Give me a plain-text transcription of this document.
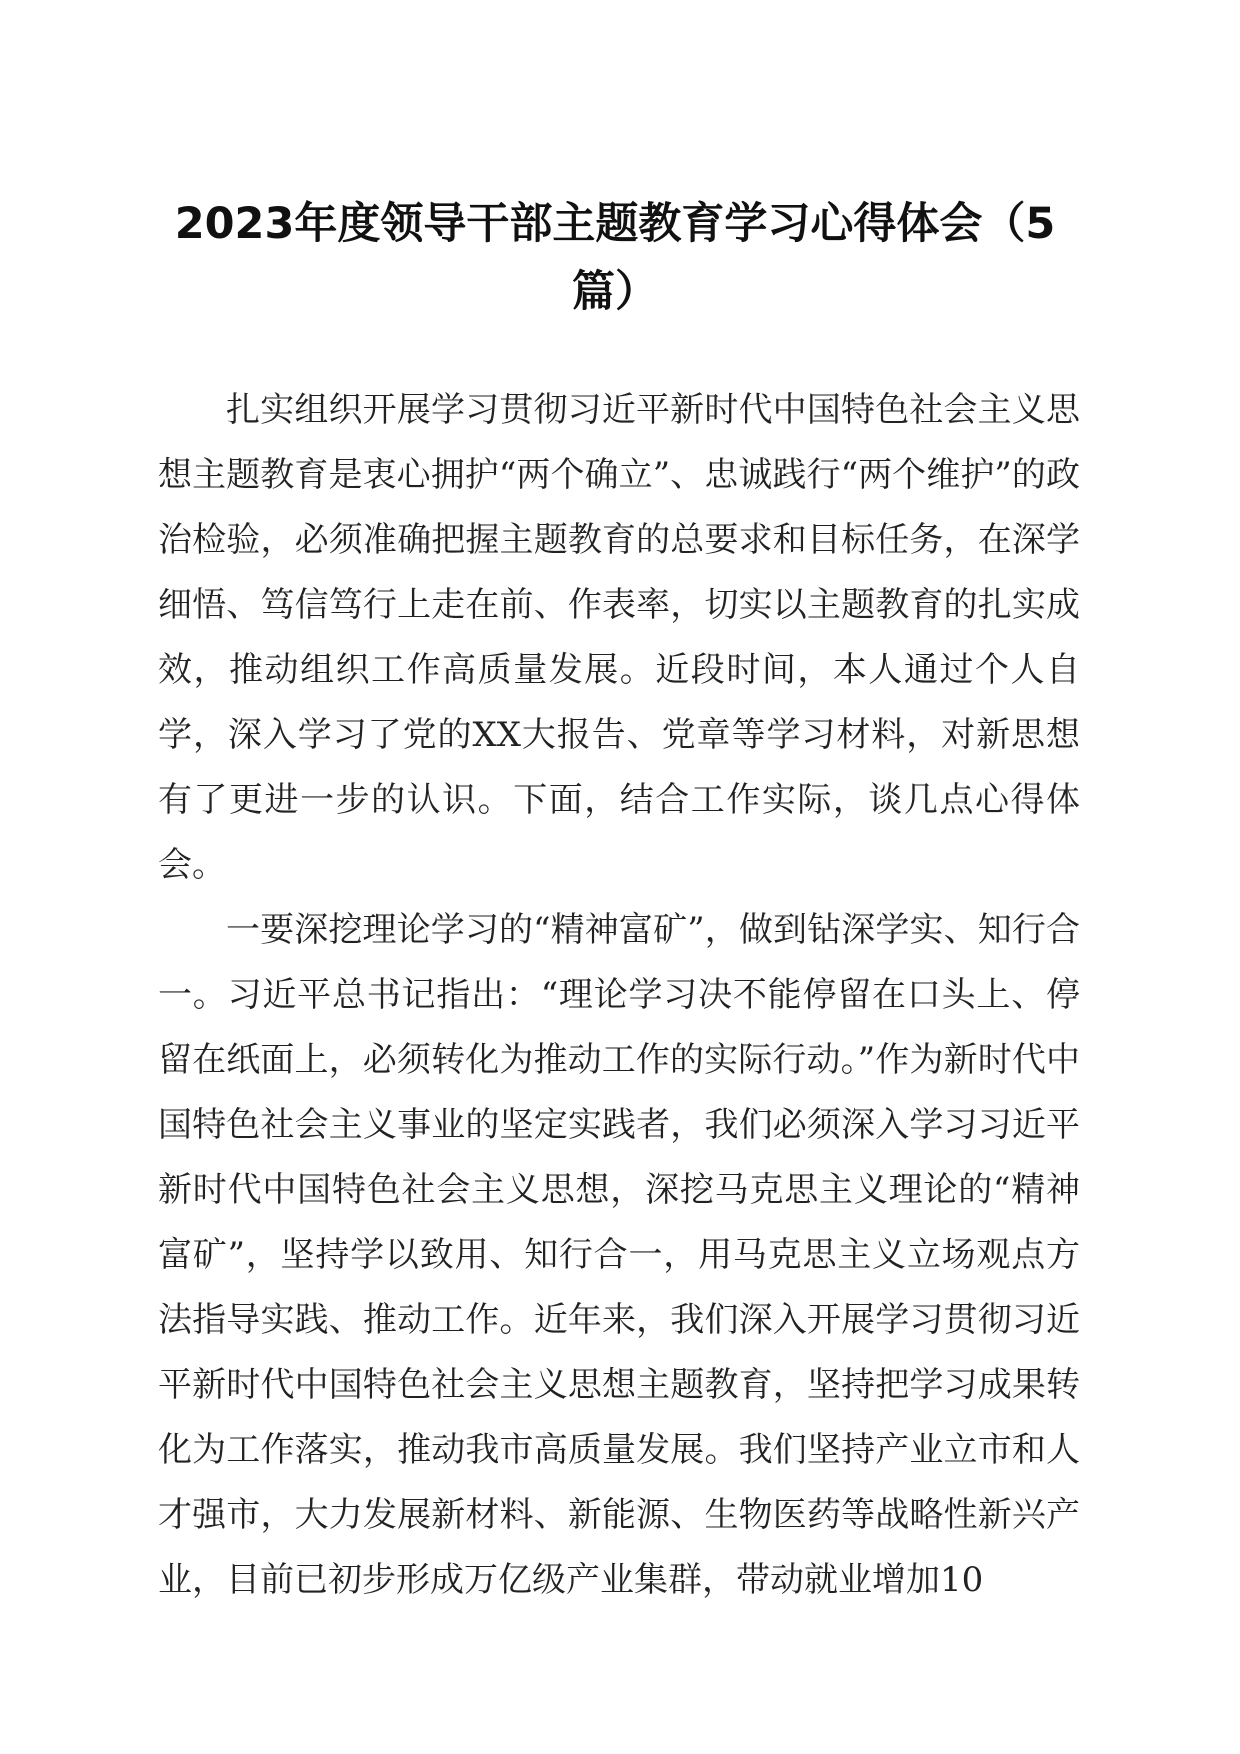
2023年度领导干部主题教育学习心得体会（5篇）

扎实组织开展学习贯彻习近平新时代中国特色社会主义思想主题教育是衷心拥护“两个确立”、忠诚践行“两个维护”的政治检验，必须准确把握主题教育的总要求和目标任务，在深学细悟、笃信笃行上走在前、作表率，切实以主题教育的扎实成效，推动组织工作高质量发展。近段时间，本人通过个人自学，深入学习了党的XX大报告、党章等学习材料，对新思想有了更进一步的认识。下面，结合工作实际，谈几点心得体会。

一要深挖理论学习的“精神富矿”，做到钻深学实、知行合一。习近平总书记指出：“理论学习决不能停留在口头上、停留在纸面上，必须转化为推动工作的实际行动。”作为新时代中国特色社会主义事业的坚定实践者，我们必须深入学习习近平新时代中国特色社会主义思想，深挖马克思主义理论的“精神富矿”，坚持学以致用、知行合一，用马克思主义立场观点方法指导实践、推动工作。近年来，我们深入开展学习贯彻习近平新时代中国特色社会主义思想主题教育，坚持把学习成果转化为工作落实，推动我市高质量发展。我们坚持产业立市和人才强市，大力发展新材料、新能源、生物医药等战略性新兴产业，目前已初步形成万亿级产业集群，带动就业增加10
